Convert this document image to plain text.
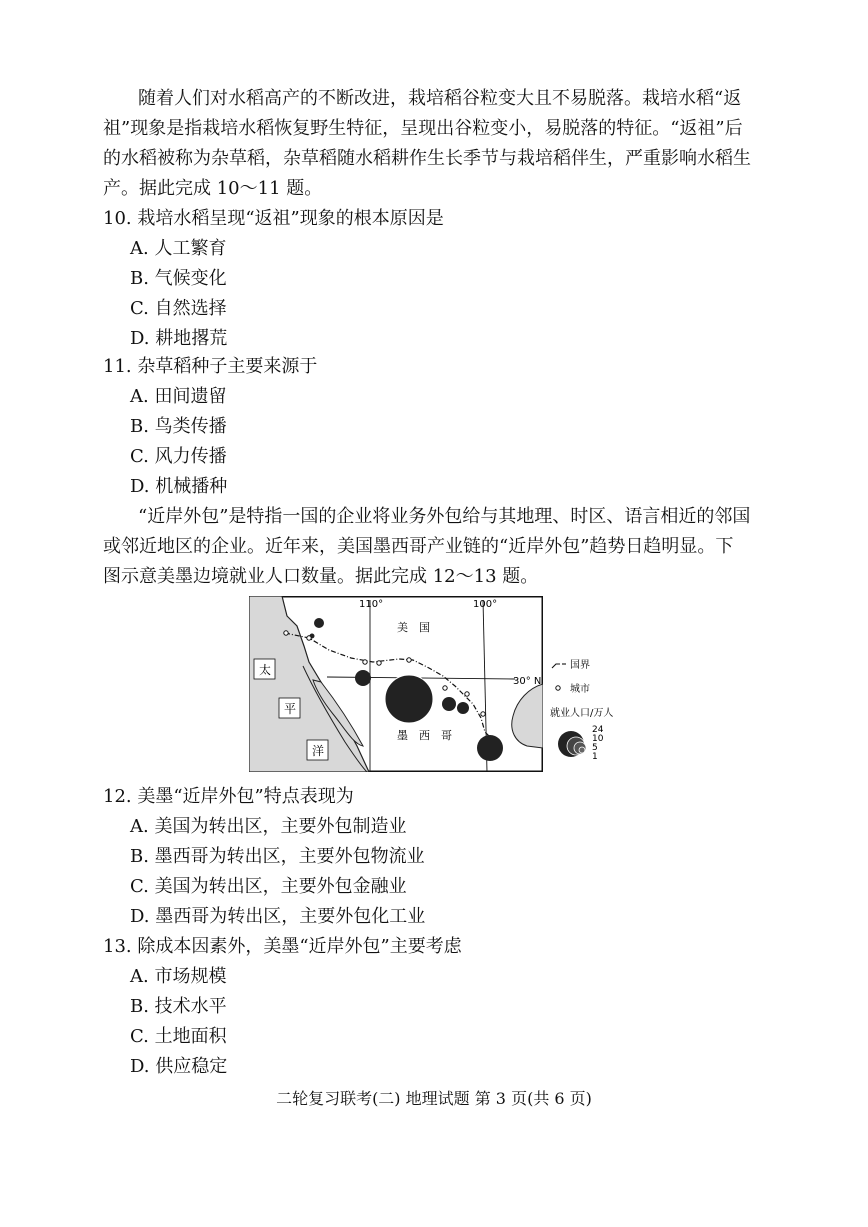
随着人们对水稻高产的不断改进，栽培稻谷粒变大且不易脱落。栽培水稻“返
祖”现象是指栽培水稻恢复野生特征，呈现出谷粒变小，易脱落的特征。“返祖”后
的水稻被称为杂草稻，杂草稻随水稻耕作生长季节与栽培稻伴生，严重影响水稻生
产。据此完成 10～11 题。
10. 栽培水稻呈现“返祖”现象的根本原因是
A. 人工繁育
B. 气候变化
C. 自然选择
D. 耕地撂荒
11. 杂草稻种子主要来源于
A. 田间遗留
B. 鸟类传播
C. 风力传播
D. 机械播种
“近岸外包”是特指一国的企业将业务外包给与其地理、时区、语言相近的邻国
或邻近地区的企业。近年来，美国墨西哥产业链的“近岸外包”趋势日趋明显。下
图示意美墨边境就业人口数量。据此完成 12～13 题。
110°	100°
30° N
美　国
墨　西　哥
太
平
洋
国界
城市
就业人口/万人
24
10
5
1
12. 美墨“近岸外包”特点表现为
A. 美国为转出区，主要外包制造业
B. 墨西哥为转出区，主要外包物流业
C. 美国为转出区，主要外包金融业
D. 墨西哥为转出区，主要外包化工业
13. 除成本因素外，美墨“近岸外包”主要考虑
A. 市场规模
B. 技术水平
C. 土地面积
D. 供应稳定
二轮复习联考(二) 地理试题 第 3 页(共 6 页)
